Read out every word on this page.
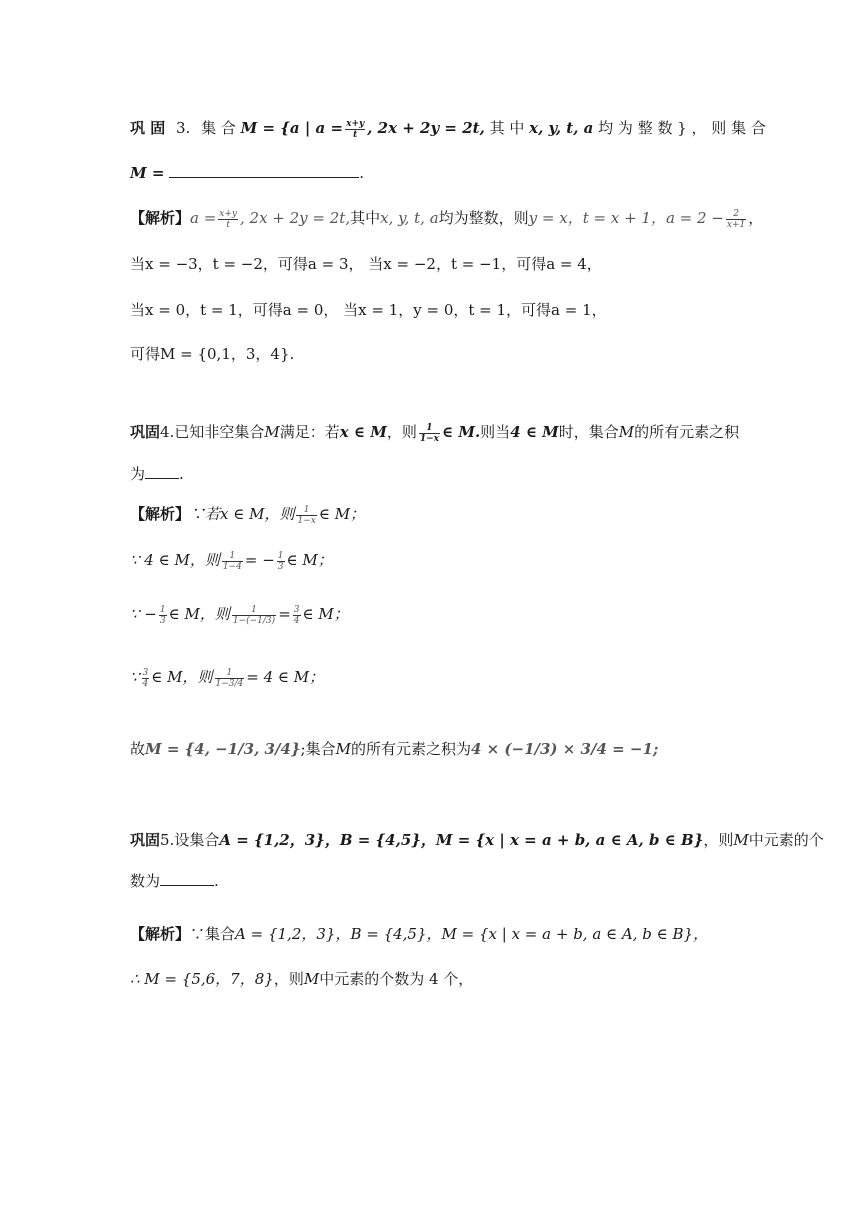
巩 固 3. 集 合 M = {a | $a = \frac{x+y}{t}$ , 2x + 2y = 2t, 其 中 x, y, t, a 均 为 整 数 } ， 则 集 合
M =	.
【解析】$a = \frac{x+y}{t}$ , 2x + 2y = 2t,其中x, y, t, a均为整数，则y = x，t = x + 1，$a = 2 - \frac{2}{x+1}$ ，
当x = −3，t = −2，可得a = 3， 当x = −2，t = −1，可得a = 4，
当x = 0，t = 1，可得a = 0， 当x = 1，y = 0，t = 1，可得a = 1，
可得M = {0,1，3，4}.
巩固4.已知非空集合M满足：若x ∈ M，则 $\frac{1}{1-x}$ ∈ M.则当4 ∈ M时，集合M的所有元素之积
为 .
【解析】∵若x ∈ M，则 $\frac{1}{1-x}$ ∈ M；
∵ 4 ∈ M，则 $\frac{1}{1-4}$ = − $\frac{1}{3}$ ∈ M；
∵ − $\frac{1}{3}$ ∈ M，则 $\frac{1}{1-(-1/3)} = \frac{3}{4}$ ∈ M；
∵ $\frac{3}{4}$ ∈ M，则 $\frac{1}{1-3/4} = 4$ ∈ M；
故M = {4, −1/3, 3/4};集合M的所有元素之积为4 × (−1/3) × 3/4 = −1;
巩固5.设集合A = {1,2，3}，B = {4,5}，M = {x | x = a + b, a ∈ A, b ∈ B}，则M中元素的个
数为	.
【解析】∵集合A = {1,2，3}，B = {4,5}，M = {x | x = a + b, a ∈ A, b ∈ B}，
∴ M = {5,6，7，8}，则M中元素的个数为 4 个，
